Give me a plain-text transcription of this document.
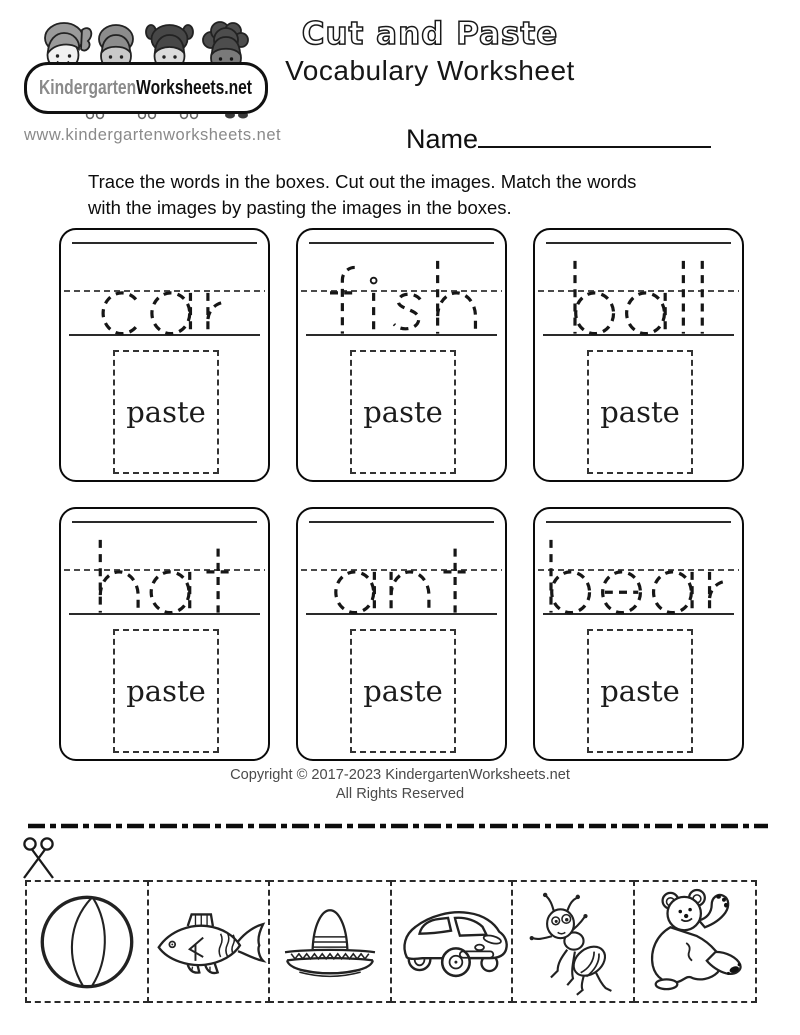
KindergartenWorksheets.net
www.kindergartenworksheets.net
Cut and Paste
Vocabulary Worksheet
Name
Trace the words in the boxes. Cut out the images. Match the words
with the images by pasting the images in the boxes.
paste	paste	paste
paste	paste	paste
Copyright © 2017-2023 KindergartenWorksheets.net
All Rights Reserved
